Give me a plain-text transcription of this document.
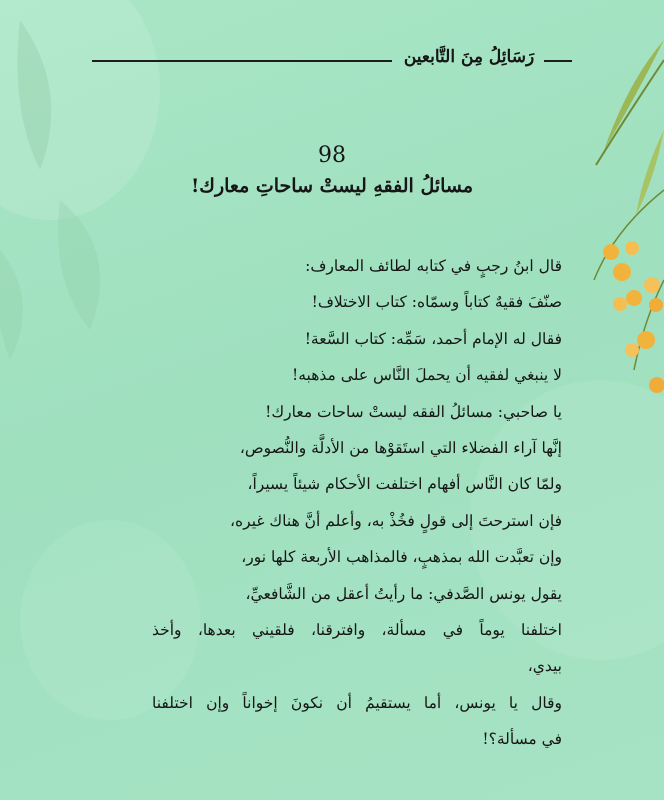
رَسَائِلُ مِنَ التَّابعين
98
مسائلُ الفقهِ ليستْ ساحاتِ معارك!
قال ابنُ رجبٍ في كتابه لطائف المعارف:
صنّفَ فقيهٌ كتاباً وسمّاه: كتاب الاختلاف!
فقال له الإمام أحمد، سَمِّه: كتاب السَّعة!
لا ينبغي لفقيه أن يحملَ النَّاس على مذهبه!
يا صاحبي: مسائلُ الفقه ليستْ ساحات معارك!
إنَّها آراء الفضلاء التي استَقوْها من الأدلَّة والنُّصوص،
ولمّا كان النَّاس أفهام اختلفت الأحكام شيئاً يسيراً،
فإن استرحتَ إلى قولٍ فخُذْ به، وأعلم أنَّ هناك غيره،
وإن تعبَّدت الله بمذهبٍ، فالمذاهب الأربعة كلها نور،
يقول يونس الصَّدفي: ما رأيتُ أعقل من الشَّافعيِّ،
اختلفنا يوماً في مسألة، وافترقنا، فلقيني بعدها، وأخذ
بيدي،
وقال يا يونس، أما يستقيمُ أن نكونَ إخواناً وإن اختلفنا
في مسألة؟!
